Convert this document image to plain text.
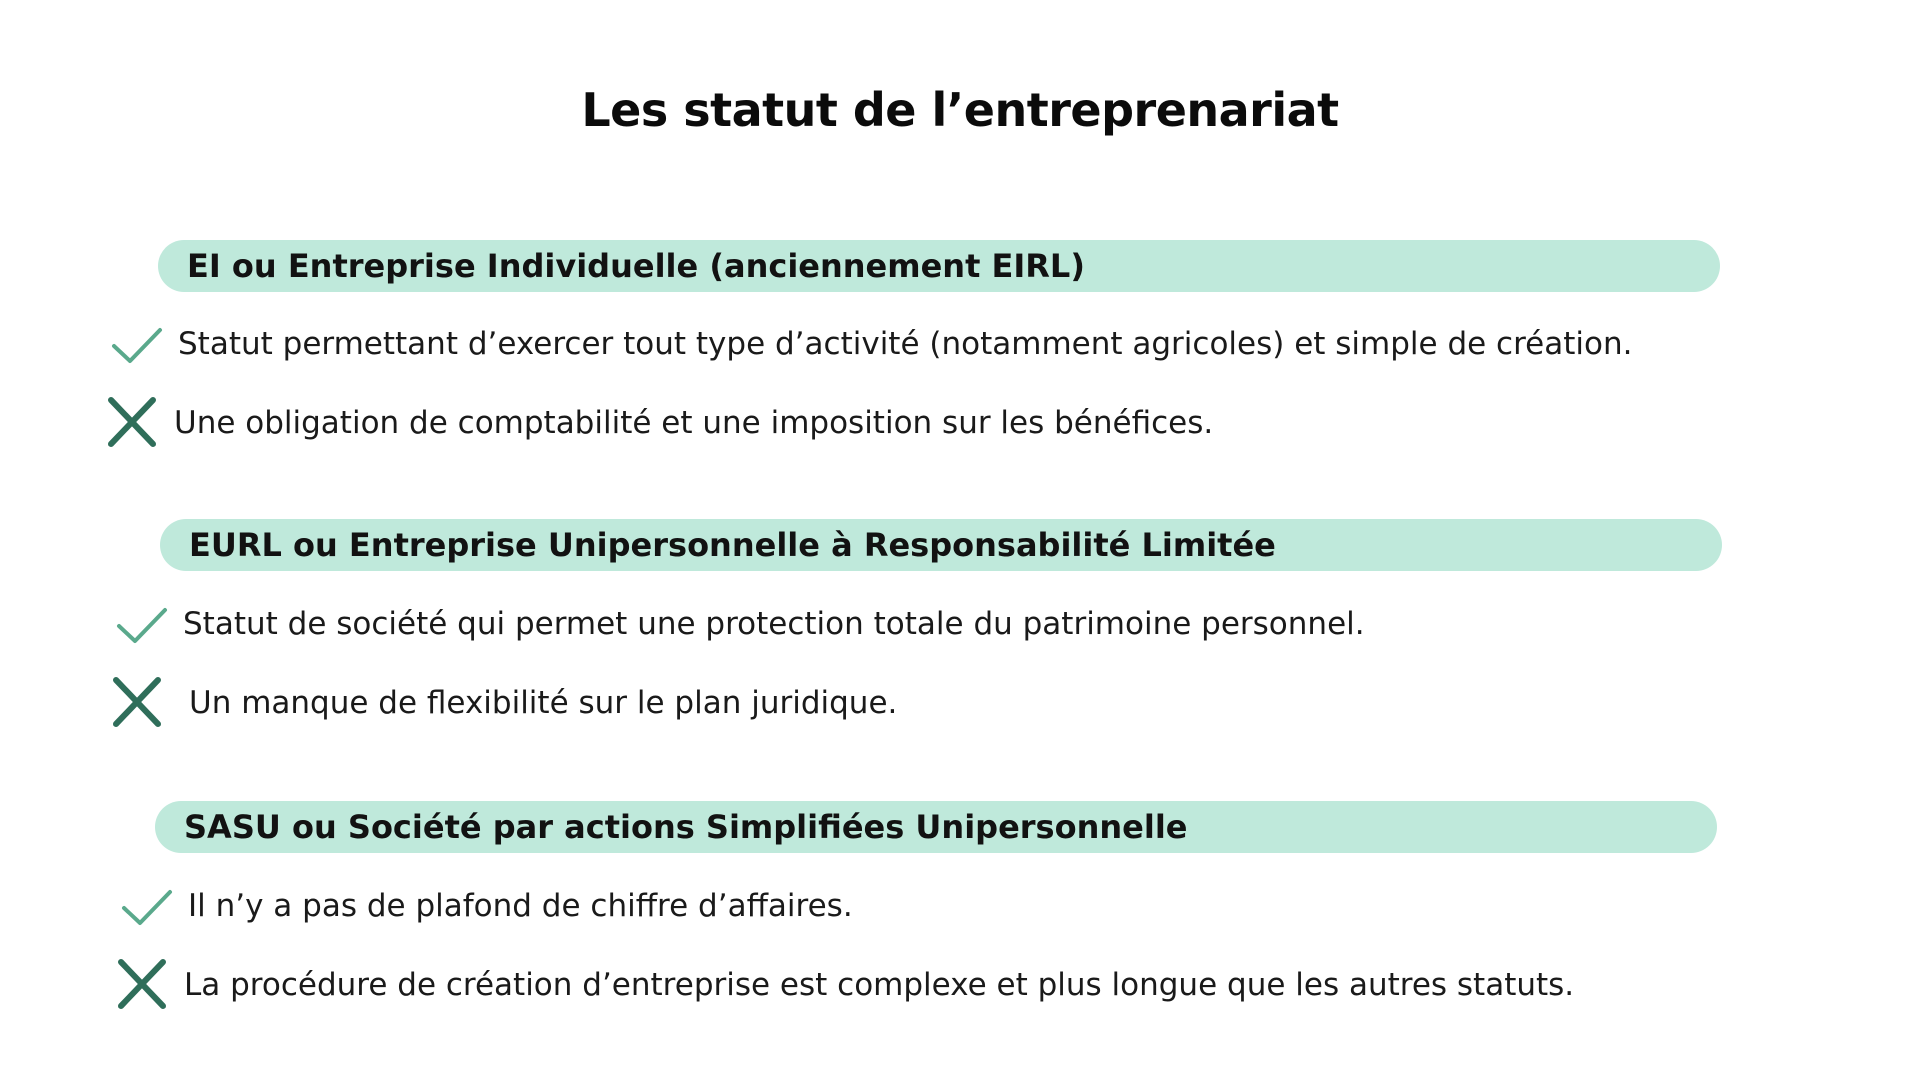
Les statut de l’entreprenariat
EI ou Entreprise Individuelle (anciennement EIRL)
Statut permettant d’exercer tout type d’activité (notamment agricoles) et simple de création.
Une obligation de comptabilité et une imposition sur les bénéfices.
EURL ou Entreprise Unipersonnelle à Responsabilité Limitée
Statut de société qui permet une protection totale du patrimoine personnel.
Un manque de flexibilité sur le plan juridique.
SASU ou Société par actions Simplifiées Unipersonnelle
Il n’y a pas de plafond de chiffre d’affaires.
La procédure de création d’entreprise est complexe et plus longue que les autres statuts.
